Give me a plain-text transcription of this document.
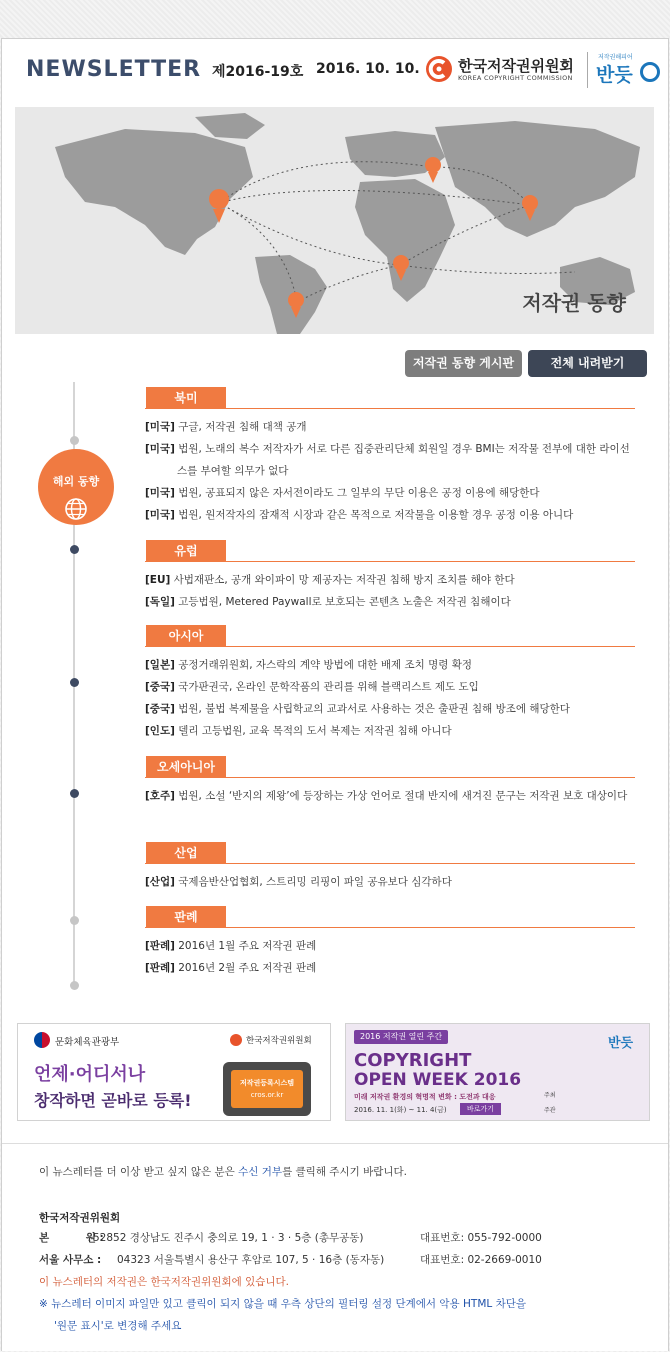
NEWSLETTER 제2016-19호 2016. 10. 10.	한국저작권위원회
KOREA COPYRIGHT COMMISSION
저작권해피어
반듯
저작권 동향
저작권 동향 게시판	전체 내려받기
해외 동향
북미
[미국] 구글, 저작권 침해 대책 공개
[미국] 법원, 노래의 복수 저작자가 서로 다른 집중관리단체 회원일 경우 BMI는 저작물 전부에 대한 라이선스를 부여할 의무가 없다
[미국] 법원, 공표되지 않은 자서전이라도 그 일부의 무단 이용은 공정 이용에 해당한다
[미국] 법원, 원저작자의 잠재적 시장과 같은 목적으로 저작물을 이용할 경우 공정 이용 아니다
유럽
[EU] 사법재판소, 공개 와이파이 망 제공자는 저작권 침해 방지 조치를 해야 한다
[독일] 고등법원, Metered Paywall로 보호되는 콘텐츠 노출은 저작권 침해이다
아시아
[일본] 공정거래위원회, 자스락의 계약 방법에 대한 배제 조치 명령 확정
[중국] 국가판권국, 온라인 문학작품의 관리를 위해 블랙리스트 제도 도입
[중국] 법원, 불법 복제물을 사립학교의 교과서로 사용하는 것은 출판권 침해 방조에 해당한다
[인도] 델리 고등법원, 교육 목적의 도서 복제는 저작권 침해 아니다
오세아니아
[호주] 법원, 소설 ‘반지의 제왕’에 등장하는 가상 언어로 절대 반지에 새겨진 문구는 저작권 보호 대상이다
산업
[산업] 국제음반산업협회, 스트리밍 리핑이 파일 공유보다 심각하다
판례
[판례] 2016년 1월 주요 저작권 판례
[판례] 2016년 2월 주요 저작권 판례
문화체육관광부	한국저작권위원회
언제·어디서나
창작하면 곧바로 등록!
저작권등록시스템
cros.or.kr
2016 저작권 열린 주간
COPYRIGHT
OPEN WEEK 2016
미래 저작권 환경의 혁명적 변화 : 도전과 대응
2016. 11. 1(화) ~ 11. 4(금)	바로가기
주최
주관
반듯
이 뉴스레터를 더 이상 받고 싶지 않은 분은 수신 거부를 클릭해 주시기 바랍니다.
한국저작권위원회
본          원 :
52852 경상남도 진주시 충의로 19, 1 · 3 · 5층 (총무공동)	대표번호: 055-792-0000
서울 사무소 : 04323 서울특별시 용산구 후암로 107, 5 · 16층 (동자동)	대표번호: 02-2669-0010
이 뉴스레터의 저작권은 한국저작권위원회에 있습니다.
※ 뉴스레터 이미지 파일만 있고 클릭이 되지 않을 때 우측 상단의 필터링 설정 단계에서 악용 HTML 차단을
'원문 표시'로 변경해 주세요
